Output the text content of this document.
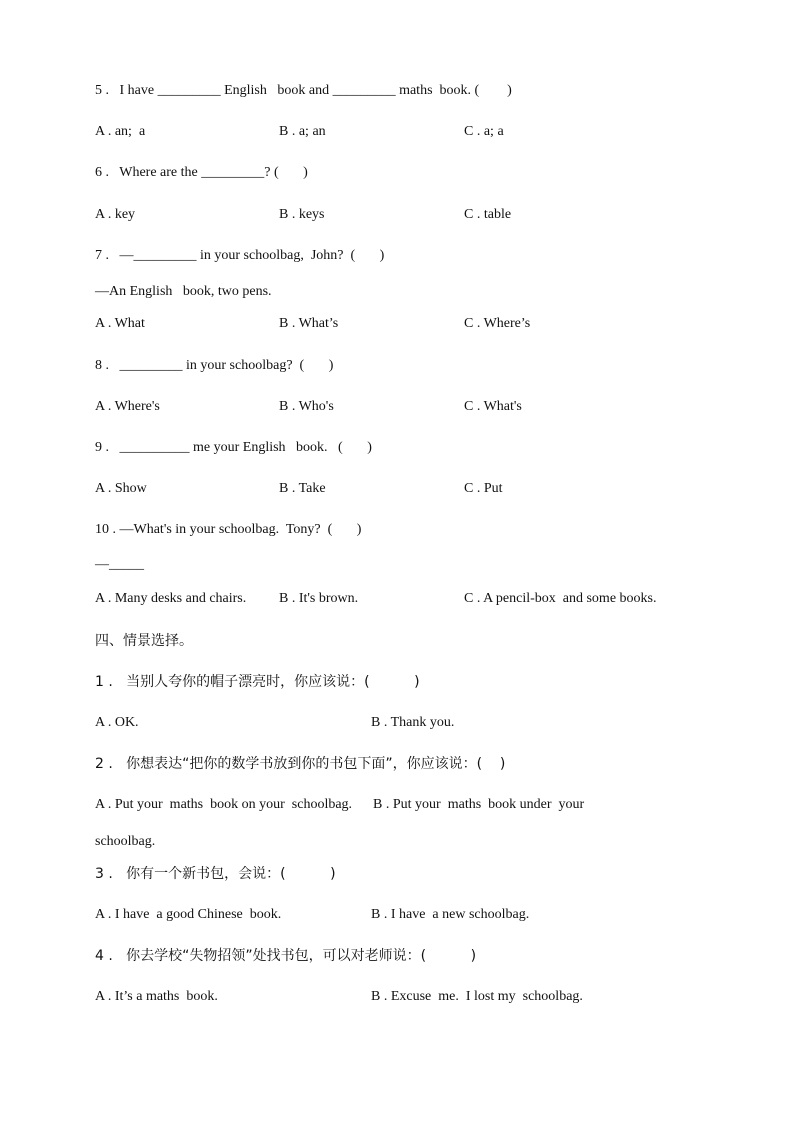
5 .   I have _________ English   book and _________ maths  book. (        )
A . an;  a	B . a; an	C . a; a
6 .   Where are the _________? (       )
A . key	B . keys	C . table
7 .   —_________ in your schoolbag,  John?  (       )
—An English   book, two pens.
A . What	B . What’s	C . Where’s
8 .   _________ in your schoolbag?  (       )
A . Where's	B . Who's	C . What's
9 .   __________ me your English   book.   (       )
A . Show	B . Take	C . Put
10 . —What's in your schoolbag.  Tony?  (       )
—_____
A . Many desks and chairs. B . It's brown.	C . A pencil-box  and some books.
四、情景选择。
1 .   当别人夸你的帽子漂亮时，你应该说：(          )
A . OK.	B . Thank you.
2 .   你想表达“把你的数学书放到你的书包下面”，你应该说：(    )
A . Put your  maths  book on your  schoolbag.      B . Put your  maths  book under  your
schoolbag.
3 .   你有一个新书包，会说：(          )
A . I have  a good Chinese  book.	B . I have  a new schoolbag.
4 .   你去学校“失物招领”处找书包，可以对老师说：(          )
A . It’s a maths  book.	B . Excuse  me.  I lost my  schoolbag.
